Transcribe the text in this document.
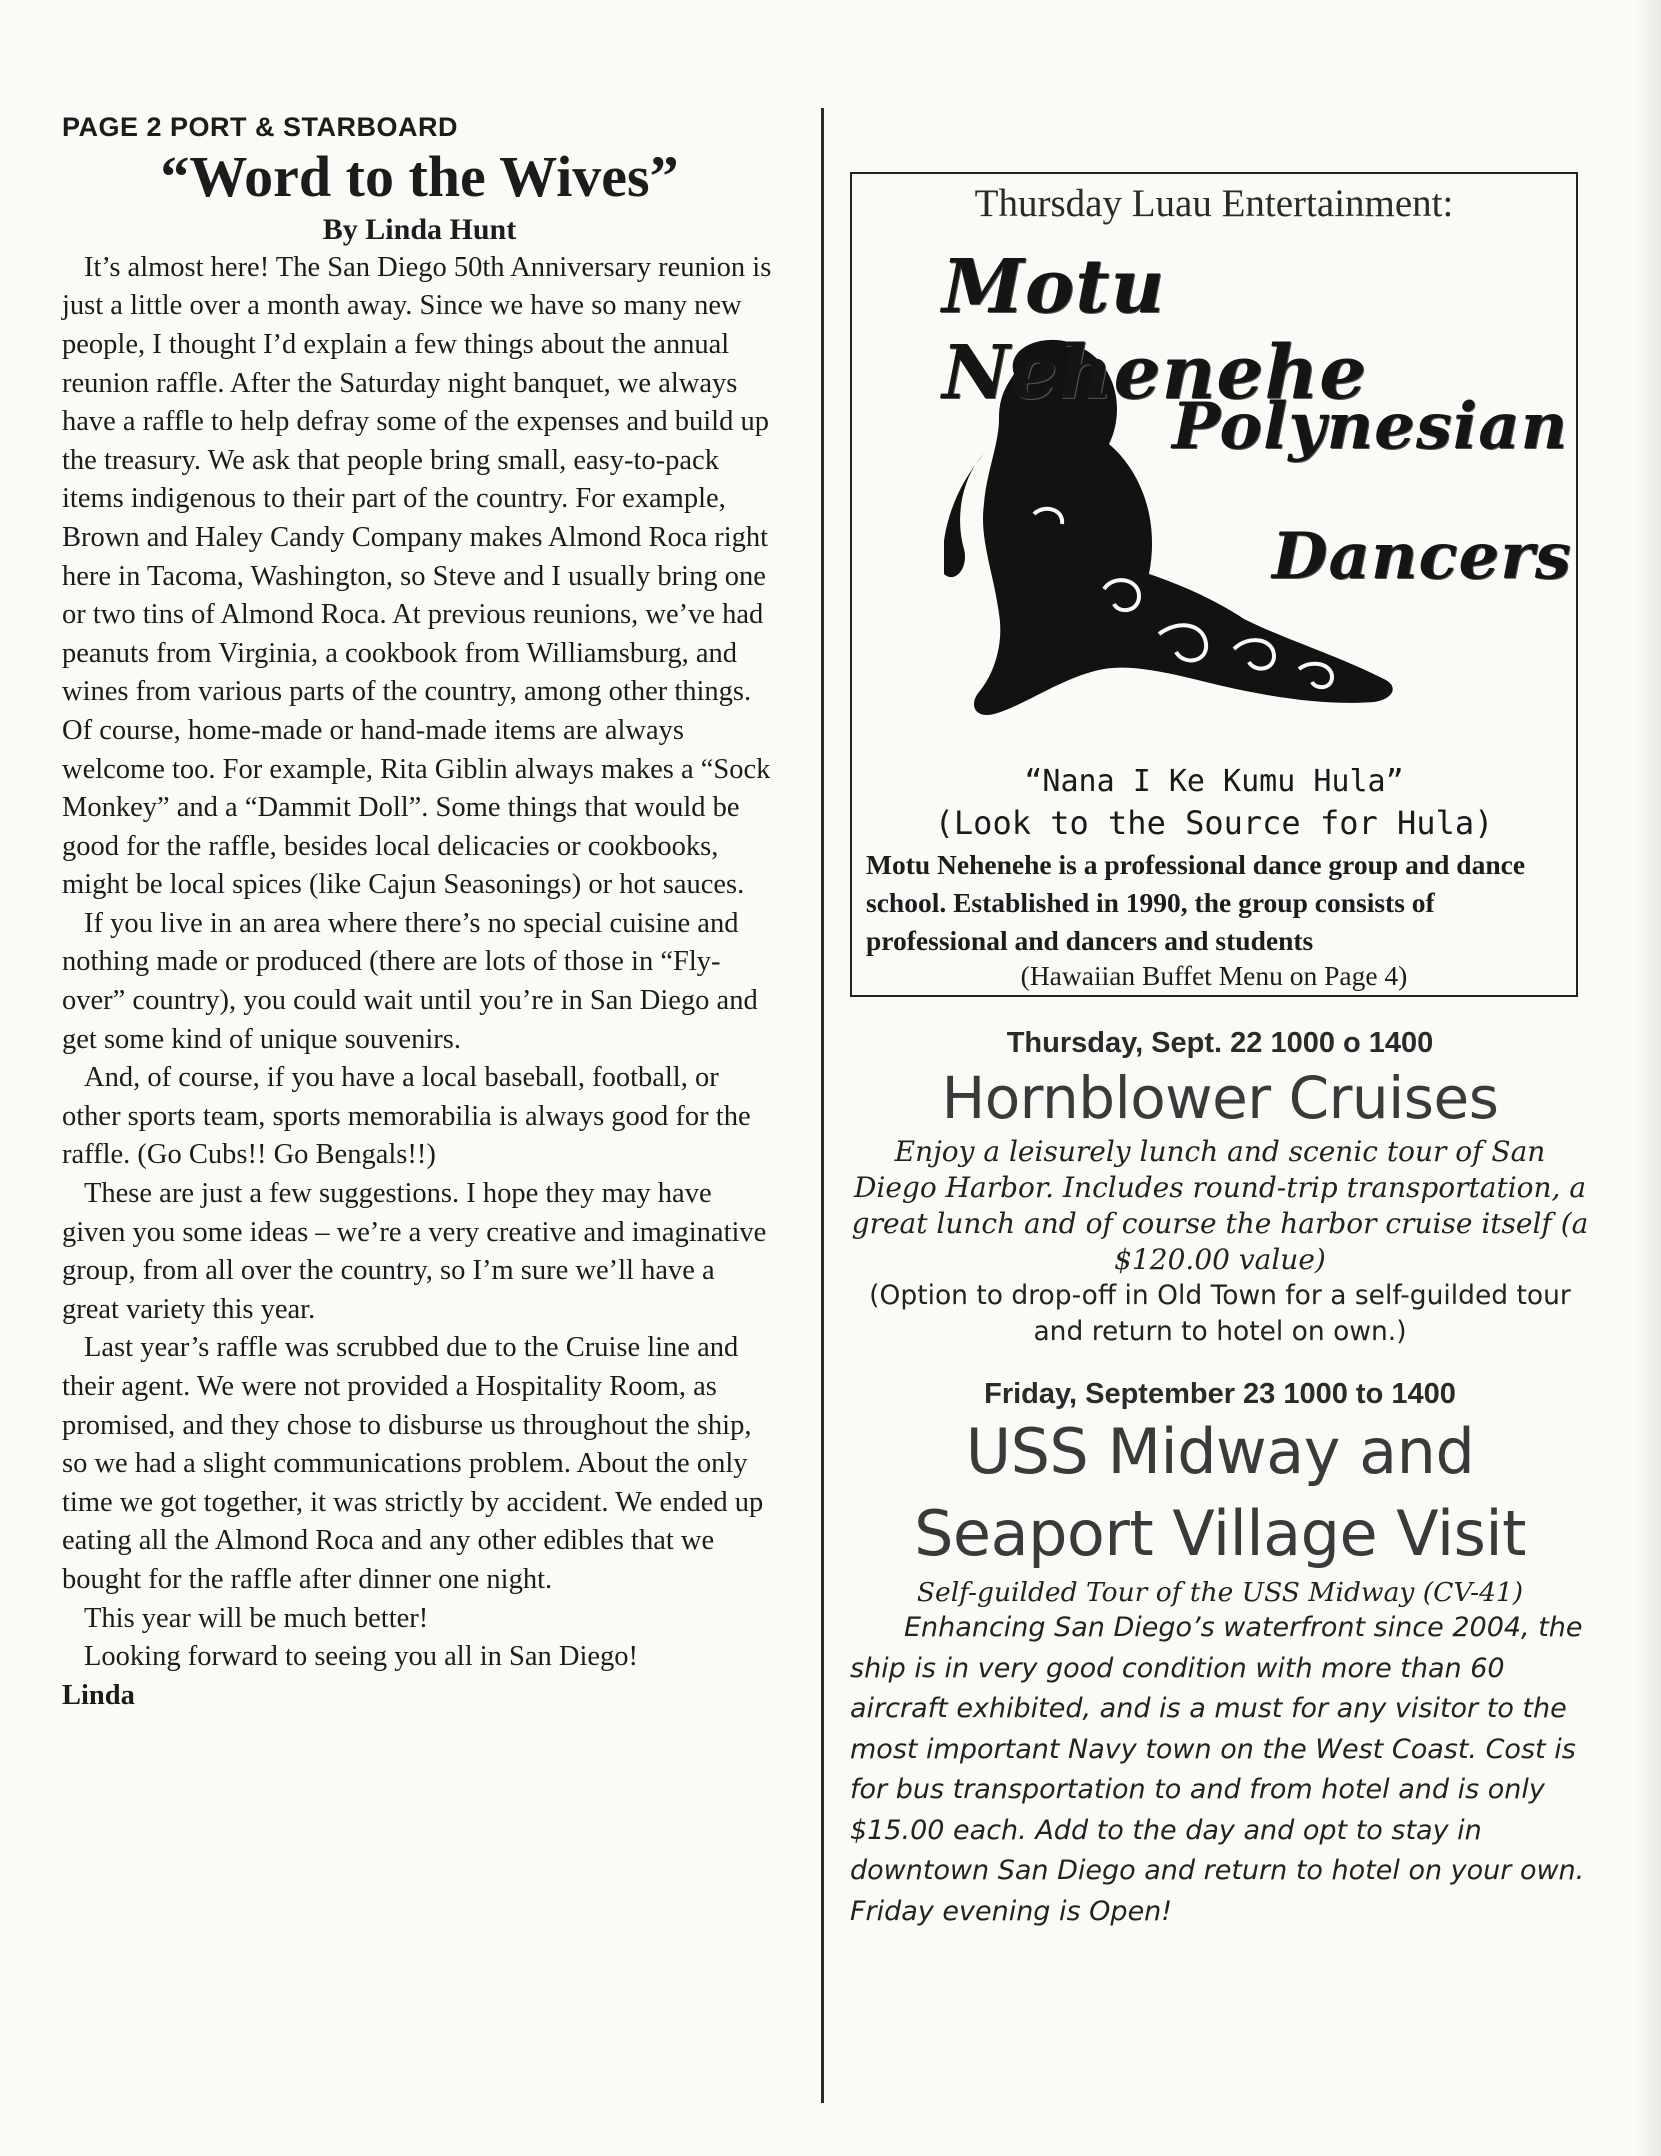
PAGE 2 PORT & STARBOARD

“Word to the Wives”

By Linda Hunt

It’s almost here! The San Diego 50th Anniversary reunion is just a little over a month away. Since we have so many new people, I thought I’d explain a few things about the annual reunion raffle. After the Saturday night banquet, we always have a raffle to help defray some of the expenses and build up the treasury. We ask that people bring small, easy-to-pack items indigenous to their part of the country. For example, Brown and Haley Candy Company makes Almond Roca right here in Tacoma, Washington, so Steve and I usually bring one or two tins of Almond Roca. At previous reunions, we’ve had peanuts from Virginia, a cookbook from Williamsburg, and wines from various parts of the country, among other things. Of course, home-made or hand-made items are always welcome too. For example, Rita Giblin always makes a “Sock Monkey” and a “Dammit Doll”. Some things that would be good for the raffle, besides local delicacies or cookbooks, might be local spices (like Cajun Seasonings) or hot sauces.

If you live in an area where there’s no special cuisine and nothing made or produced (there are lots of those in “Fly-over” country), you could wait until you’re in San Diego and get some kind of unique souvenirs.

And, of course, if you have a local baseball, football, or other sports team, sports memorabilia is always good for the raffle. (Go Cubs!! Go Bengals!!)

These are just a few suggestions. I hope they may have given you some ideas – we’re a very creative and imaginative group, from all over the country, so I’m sure we’ll have a great variety this year.

Last year’s raffle was scrubbed due to the Cruise line and their agent. We were not provided a Hospitality Room, as promised, and they chose to disburse us throughout the ship, so we had a slight communications problem. About the only time we got together, it was strictly by accident. We ended up eating all the Almond Roca and any other edibles that we bought for the raffle after dinner one night.

This year will be much better!

Looking forward to seeing you all in San Diego!

Linda

Thursday Luau Entertainment:

Motu Nehenehe
Polynesian
Dancers
“Nana I Ke Kumu Hula”
(Look to the Source for Hula)

Motu Nehenehe is a professional dance group and dance school. Established in 1990, the group consists of professional and dancers and students

(Hawaiian Buffet Menu on Page 4)

Thursday, Sept. 22 1000 o 1400

Hornblower Cruises

Enjoy a leisurely lunch and scenic tour of San Diego Harbor. Includes round-trip transportation, a great lunch and of course the harbor cruise itself (a $120.00 value)

(Option to drop-off in Old Town for a self-guilded tour and return to hotel on own.)

Friday, September 23 1000 to 1400

USS Midway and

Seaport Village Visit

Self-guilded Tour of the USS Midway (CV-41)

Enhancing San Diego’s waterfront since 2004, the ship is in very good condition with more than 60 aircraft exhibited, and is a must for any visitor to the most important Navy town on the West Coast. Cost is for bus transportation to and from hotel and is only $15.00 each. Add to the day and opt to stay in downtown San Diego and return to hotel on your own. Friday evening is Open!
